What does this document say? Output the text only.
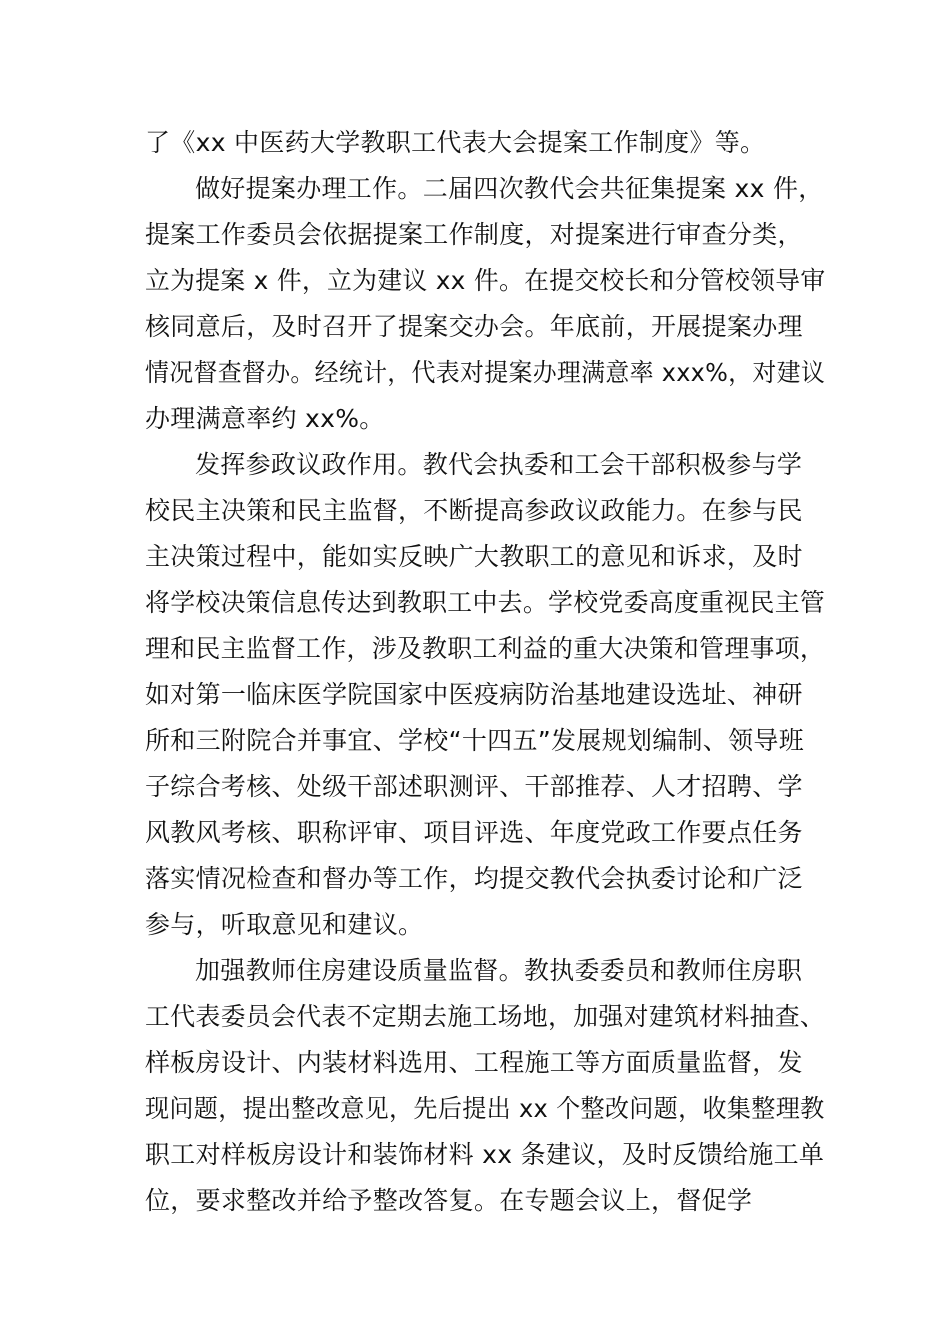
了《xx 中医药大学教职工代表大会提案工作制度》等。
做好提案办理工作。二届四次教代会共征集提案 xx 件，
提案工作委员会依据提案工作制度，对提案进行审查分类，
立为提案 x 件，立为建议 xx 件。在提交校长和分管校领导审
核同意后，及时召开了提案交办会。年底前，开展提案办理
情况督查督办。经统计，代表对提案办理满意率 xxx%，对建议
办理满意率约 xx%。
发挥参政议政作用。教代会执委和工会干部积极参与学
校民主决策和民主监督，不断提高参政议政能力。在参与民
主决策过程中，能如实反映广大教职工的意见和诉求，及时
将学校决策信息传达到教职工中去。学校党委高度重视民主管
理和民主监督工作，涉及教职工利益的重大决策和管理事项，
如对第一临床医学院国家中医疫病防治基地建设选址、神研
所和三附院合并事宜、学校“十四五”发展规划编制、领导班
子综合考核、处级干部述职测评、干部推荐、人才招聘、学
风教风考核、职称评审、项目评选、年度党政工作要点任务
落实情况检查和督办等工作，均提交教代会执委讨论和广泛
参与，听取意见和建议。
加强教师住房建设质量监督。教执委委员和教师住房职
工代表委员会代表不定期去施工场地，加强对建筑材料抽查、
样板房设计、内装材料选用、工程施工等方面质量监督，发
现问题，提出整改意见，先后提出 xx 个整改问题，收集整理教
职工对样板房设计和装饰材料 xx 条建议，及时反馈给施工单
位，要求整改并给予整改答复。在专题会议上，督促学
